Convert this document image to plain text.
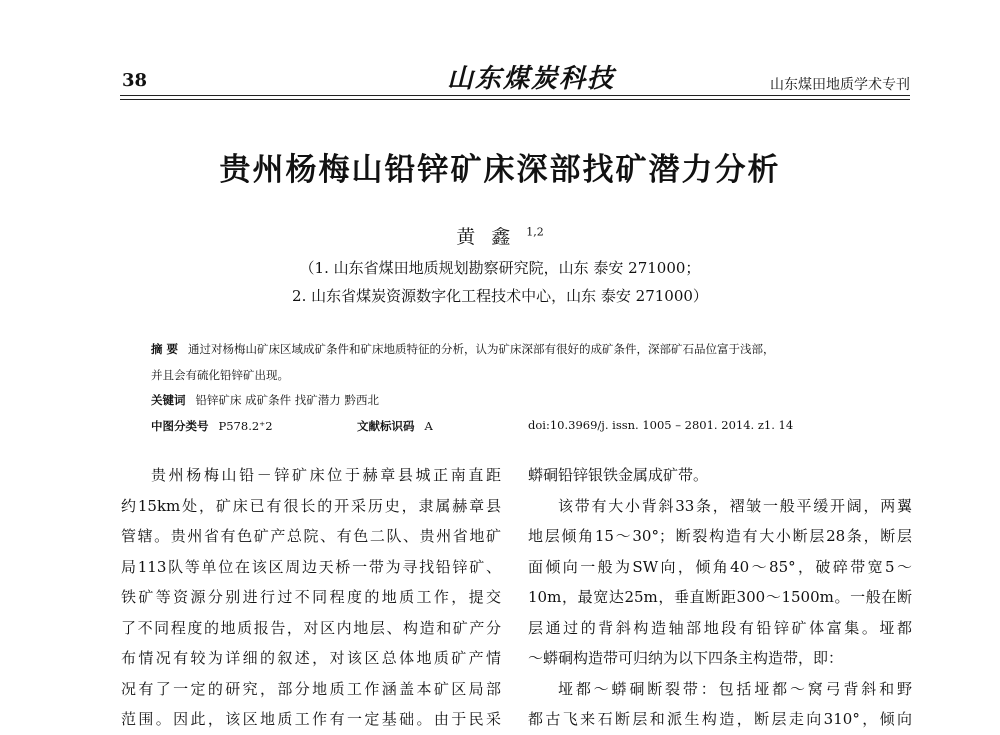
38	山东煤炭科技	山东煤田地质学术专刊
贵州杨梅山铅锌矿床深部找矿潜力分析
黄鑫$^{1,2}$
（1. 山东省煤田地质规划勘察研究院，山东 泰安 271000；
2. 山东省煤炭资源数字化工程技术中心，山东 泰安 271000）
摘 要 通过对杨梅山矿床区域成矿条件和矿床地质特征的分析，认为矿床深部有很好的成矿条件，深部矿石品位富于浅部，
并且会有硫化铅锌矿出现。
关键词 铅锌矿床 成矿条件 找矿潜力 黔西北
中图分类号 P578.2⁺2	文献标识码 A	doi:10.3969/j. issn. 1005 – 2801. 2014. z1. 14

贵州杨梅山铅－锌矿床位于赫章县城正南直距

约15km处，矿床已有很长的开采历史，隶属赫章县

管辖。贵州省有色矿产总院、有色二队、贵州省地矿

局113队等单位在该区周边天桥一带为寻找铅锌矿、

铁矿等资源分别进行过不同程度的地质工作，提交

了不同程度的地质报告，对区内地层、构造和矿产分

布情况有较为详细的叙述，对该区总体地质矿产情

况有了一定的研究，部分地质工作涵盖本矿区局部

范围。因此，该区地质工作有一定基础。由于民采

蟒硐铅锌银铁金属成矿带。

该带有大小背斜33条，褶皱一般平缓开阔，两翼

地层倾角15～30°；断裂构造有大小断层28条，断层

面倾向一般为SW向，倾角40～85°，破碎带宽5～

10m，最宽达25m，垂直断距300～1500m。一般在断

层通过的背斜构造轴部地段有铅锌矿体富集。垭都

～蟒硐构造带可归纳为以下四条主构造带，即：

垭都～蟒硐断裂带：包括垭都～窝弓背斜和野

都古飞来石断层和派生构造，断层走向310°，倾向
